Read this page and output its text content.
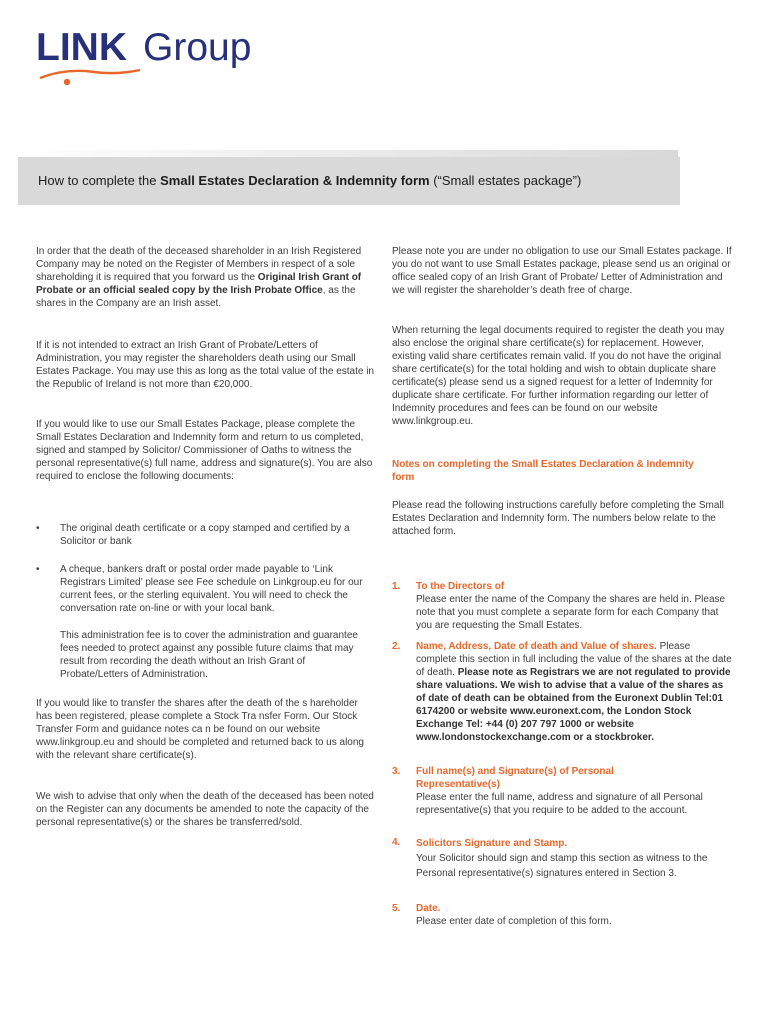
LINK Group
How to complete the Small Estates Declaration & Indemnity form (“Small estates package”)

In order that the death of the deceased shareholder in an Irish Registered Company may be noted on the Register of Members in respect of a sole shareholding it is required that you forward us the Original Irish Grant of Probate or an official sealed copy by the Irish Probate Office, as the shares in the Company are an Irish asset.

If it is not intended to extract an Irish Grant of Probate/Letters of Administration, you may register the shareholders death using our Small Estates Package. You may use this as long as the total value of the estate in the Republic of Ireland is not more than €20,000.

If you would like to use our Small Estates Package, please complete the Small Estates Declaration and Indemnity form and return to us completed, signed and stamped by Solicitor/ Commissioner of Oaths to witness the personal representative(s) full name, address and signature(s). You are also required to enclose the following documents:

• The original death certificate or a copy stamped and certified by a Solicitor or bank

• A cheque, bankers draft or postal order made payable to ‘Link Registrars Limited’ please see Fee schedule on Linkgroup.eu for our current fees, or the sterling equivalent. You will need to check the conversation rate on-line or with your local bank.

This administration fee is to cover the administration and guarantee fees needed to protect against any possible future claims that may result from recording the death without an Irish Grant of Probate/Letters of Administration.

If you would like to transfer the shares after the death of the s hareholder has been registered, please complete a Stock Tra nsfer Form. Our Stock Transfer Form and guidance notes ca n be found on our website www.linkgroup.eu and should be completed and returned back to us along with the relevant share certificate(s).

We wish to advise that only when the death of the deceased has been noted on the Register can any documents be amended to note the capacity of the personal representative(s) or the shares be transferred/sold.

Please note you are under no obligation to use our Small Estates package. If you do not want to use Small Estates package, please send us an original or office sealed copy of an Irish Grant of Probate/ Letter of Administration and we will register the shareholder’s death free of charge.

When returning the legal documents required to register the death you may also enclose the original share certificate(s) for replacement. However, existing valid share certificates remain valid. If you do not have the original share certificate(s) for the total holding and wish to obtain duplicate share certificate(s) please send us a signed request for a letter of Indemnity for duplicate share certificate. For further information regarding our letter of Indemnity procedures and fees can be found on our website www.linkgroup.eu.

Notes on completing the Small Estates Declaration & Indemnity form

Please read the following instructions carefully before completing the Small Estates Declaration and Indemnity form. The numbers below relate to the attached form.

1. To the Directors of
Please enter the name of the Company the shares are held in. Please note that you must complete a separate form for each Company that you are requesting the Small Estates.
2. Name, Address, Date of death and Value of shares. Please complete this section in full including the value of the shares at the date of death. Please note as Registrars we are not regulated to provide share valuations. We wish to advise that a value of the shares as of date of death can be obtained from the Euronext Dublin Tel:01 6174200 or website www.euronext.com, the London Stock Exchange Tel: +44 (0) 207 797 1000 or website www.londonstockexchange.com or a stockbroker.
3. Full name(s) and Signature(s) of Personal Representative(s)
Please enter the full name, address and signature of all Personal representative(s) that you require to be added to the account.
4. Solicitors Signature and Stamp.
Your Solicitor should sign and stamp this section as witness to the Personal representative(s) signatures entered in Section 3.
5. Date.
Please enter date of completion of this form.
